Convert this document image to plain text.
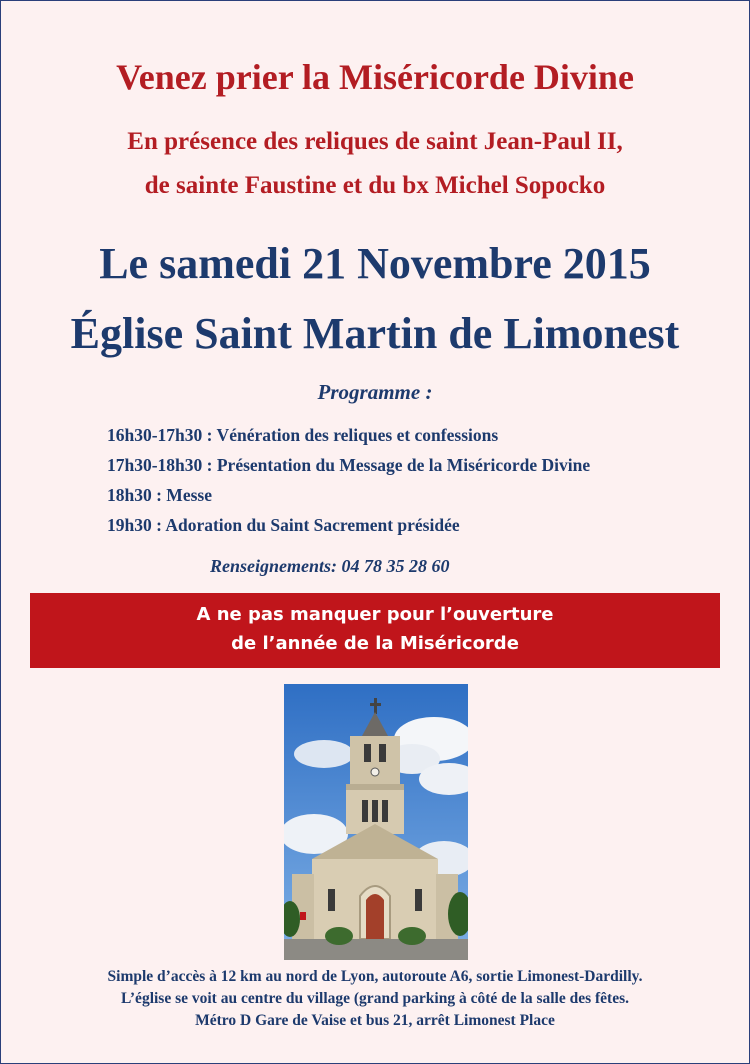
Venez prier la Miséricorde Divine
En présence des reliques de saint Jean-Paul II,
de sainte Faustine et du bx Michel Sopocko
Le samedi 21 Novembre 2015
Église Saint Martin de Limonest
Programme :
16h30-17h30 : Vénération des reliques et confessions
17h30-18h30 : Présentation du Message de la Miséricorde Divine
18h30 : Messe
19h30 : Adoration du Saint Sacrement présidée
Renseignements: 04 78 35 28 60
A ne pas manquer pour l’ouverture
de l’année de la Miséricorde
Simple d’accès à 12 km au nord de Lyon, autoroute A6, sortie Limonest-Dardilly.
L’église se voit au centre du village (grand parking à côté de la salle des fêtes.
Métro D Gare de Vaise et bus 21, arrêt Limonest Place
